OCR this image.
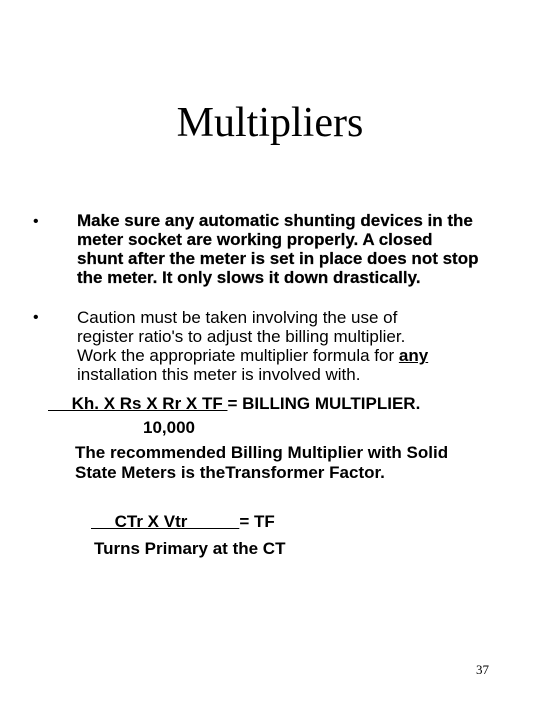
Multipliers
• Make sure any automatic shunting devices in the
meter socket are working properly. A closed
shunt after the meter is set in place does not stop
the meter. It only slows it down drastically.
• Caution must be taken involving the use of
register ratio's to adjust the billing multiplier.
Work the appropriate multiplier formula for any
installation this meter is involved with.
Kh. X Rs X Rr X TF = BILLING MULTIPLIER.
10,000
The recommended Billing Multiplier with Solid
State Meters is theTransformer Factor.
CTr X Vtr           = TF
Turns Primary at the CT
37
